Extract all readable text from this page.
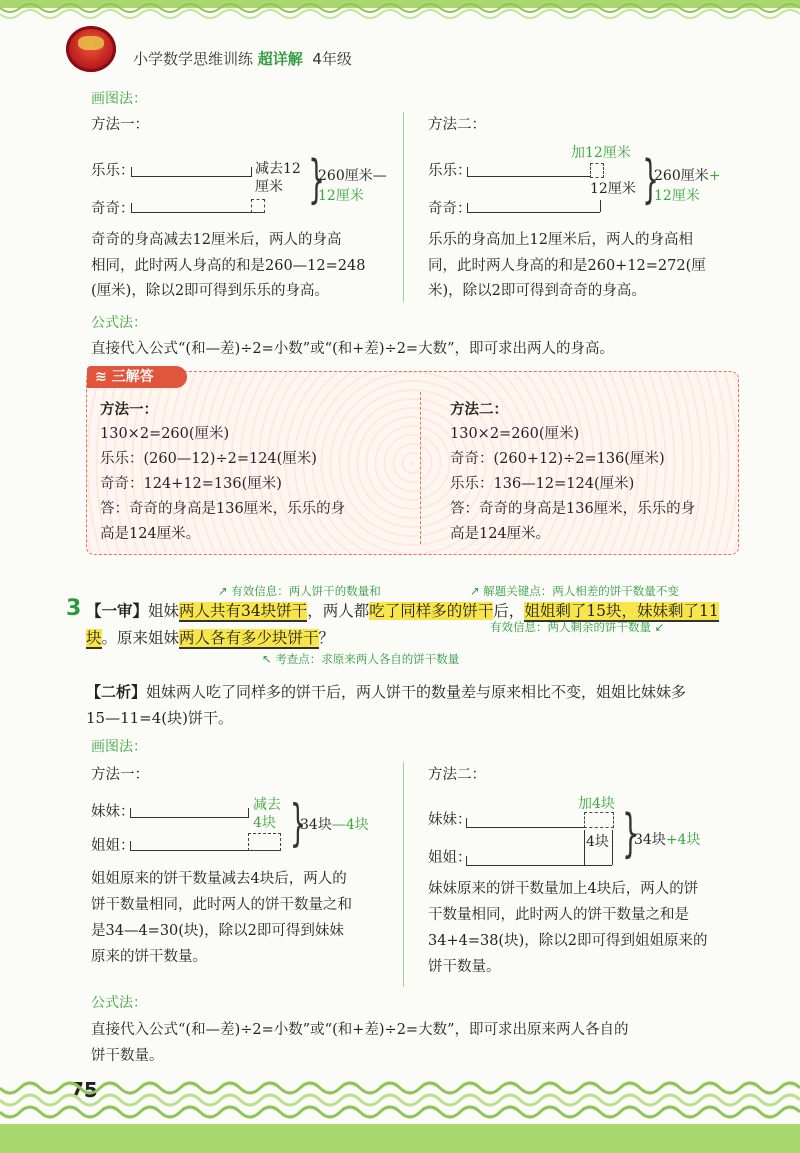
小学数学思维训练 超详解 4年级
画图法：
方法一：
乐乐：
奇奇：
减去12
厘米 }
260厘米—
12厘米
方法二：
加12厘米
乐乐：
奇奇：
12厘米 }
260厘米+
12厘米
奇奇的身高减去12厘米后，两人的身高
相同，此时两人身高的和是260—12=248
(厘米)，除以2即可得到乐乐的身高。
乐乐的身高加上12厘米后，两人的身高相
同，此时两人身高的和是260+12=272(厘
米)，除以2即可得到奇奇的身高。
公式法：
直接代入公式“(和—差)÷2=小数”或“(和+差)÷2=大数”，即可求出两人的身高。
≋ 三解答
方法一：
130×2=260(厘米)
乐乐：(260—12)÷2=124(厘米)
奇奇：124+12=136(厘米)
答：奇奇的身高是136厘米，乐乐的身
高是124厘米。
方法二：
130×2=260(厘米)
奇奇：(260+12)÷2=136(厘米)
乐乐：136—12=124(厘米)
答：奇奇的身高是136厘米，乐乐的身
高是124厘米。
↗ 有效信息：两人饼干的数量和	↗ 解题关键点：两人相差的饼干数量不变
3 【一审】姐妹两人共有34块饼干，两人都吃了同样多的饼干后，姐姐剩了15块，妹妹剩了11
块。原来姐妹两人各有多少块饼干？
有效信息：两人剩余的饼干数量 ↙
↖ 考查点：求原来两人各自的饼干数量
【二析】姐妹两人吃了同样多的饼干后，两人饼干的数量差与原来相比不变，姐姐比妹妹多
15—11=4(块)饼干。
画图法：
方法一：
妹妹：
姐姐：
减去
4块 }
34块—4块
方法二：
加4块
妹妹：
姐姐：
4块 }
34块+4块
姐姐原来的饼干数量减去4块后，两人的
饼干数量相同，此时两人的饼干数量之和
是34—4=30(块)，除以2即可得到妹妹
原来的饼干数量。
妹妹原来的饼干数量加上4块后，两人的饼
干数量相同，此时两人的饼干数量之和是
34+4=38(块)，除以2即可得到姐姐原来的
饼干数量。
公式法：
直接代入公式“(和—差)÷2=小数”或“(和+差)÷2=大数”，即可求出原来两人各自的
饼干数量。
75
